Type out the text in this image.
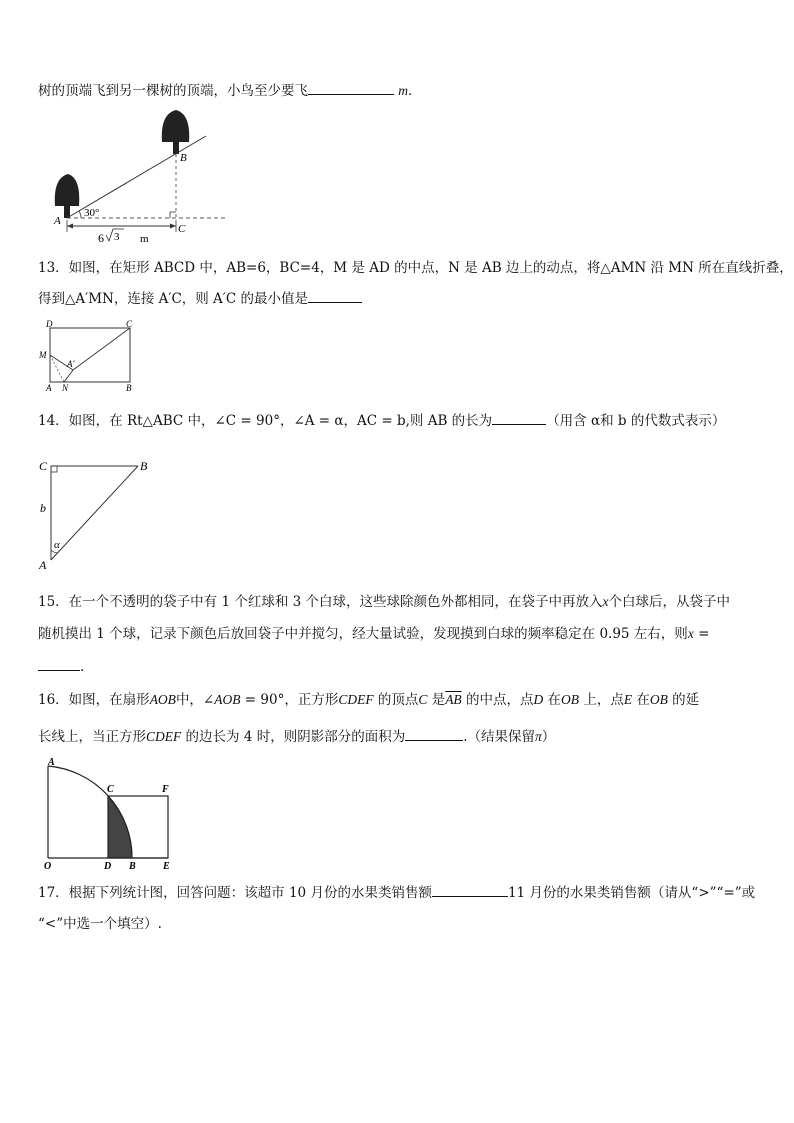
树的顶端飞到另一棵树的顶端，小鸟至少要飞	m．
A
B
C
30°
6 3 m
13．如图，在矩形 ABCD 中，AB=6，BC=4，M 是 AD 的中点，N 是 AB 边上的动点，将△AMN 沿 MN 所在直线折叠，
得到△A′MN，连接 A′C，则 A′C 的最小值是
D	C
M
A'
A N	B
14．如图，在 Rt△ABC 中，∠C = 90°，∠A = α，AC = b,则 AB 的长为	（用含 α和 b 的代数式表示）
C	B
b
α
A
15．在一个不透明的袋子中有 1 个红球和 3 个白球，这些球除颜色外都相同，在袋子中再放入x个白球后，从袋子中
随机摸出 1 个球，记录下颜色后放回袋子中并搅匀，经大量试验，发现摸到白球的频率稳定在 0.95 左右，则x =
.
16．如图，在扇形AOB中，∠AOB = 90°，正方形CDEF 的顶点C 是$\overline{AB}$ 的中点，点D 在OB 上，点E 在OB 的延
长线上，当正方形CDEF 的边长为 4 时，则阴影部分的面积为	.（结果保留π）
A
C	F
O	D B	E
17．根据下列统计图，回答问题：该超市 10 月份的水果类销售额	11 月份的水果类销售额（请从“>”“=”或
“<”中选一个填空）.
